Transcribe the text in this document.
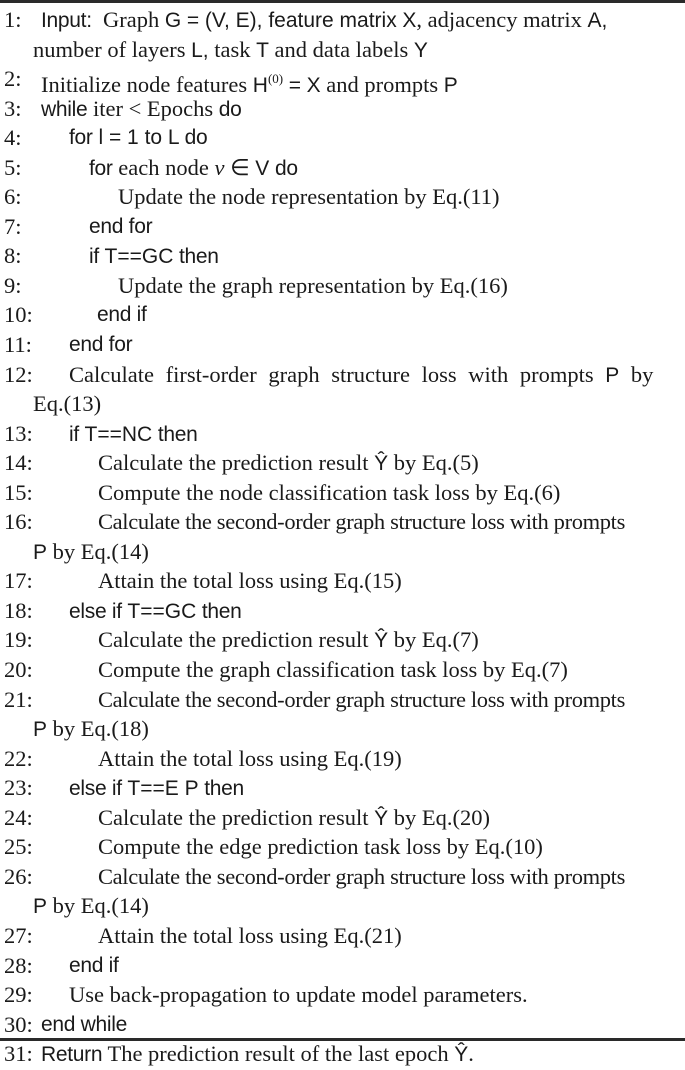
1: Input: Graph G = (V, E), feature matrix X, adjacency matrix A,
number of layers L, task T and data labels Y
2: Initialize node features $H^{(0)} = X$ and prompts P
3: while iter < Epochs do
4: for l = 1 to L do
5:	for each node v ∈ V do
6:	Update the node representation by Eq.(11)
7:	end for
8:	if T==GC then
9:	Update the graph representation by Eq.(16)
10:	end if
11: end for
12: Calculate first-order graph structure loss with prompts P by
Eq.(13)
13: if T==NC then
14:	Calculate the prediction result Ŷ by Eq.(5)
15:	Compute the node classification task loss by Eq.(6)
16:	Calculate the second-order graph structure loss with prompts
P by Eq.(14)
17:	Attain the total loss using Eq.(15)
18: else if T==GC then
19:	Calculate the prediction result Ŷ by Eq.(7)
20:	Compute the graph classification task loss by Eq.(7)
21:	Calculate the second-order graph structure loss with prompts
P by Eq.(18)
22:	Attain the total loss using Eq.(19)
23: else if T==E P then
24:	Calculate the prediction result Ŷ by Eq.(20)
25:	Compute the edge prediction task loss by Eq.(10)
26:	Calculate the second-order graph structure loss with prompts
P by Eq.(14)
27:	Attain the total loss using Eq.(21)
28: end if
29: Use back-propagation to update model parameters.
30: end while
31: Return The prediction result of the last epoch Ŷ.
